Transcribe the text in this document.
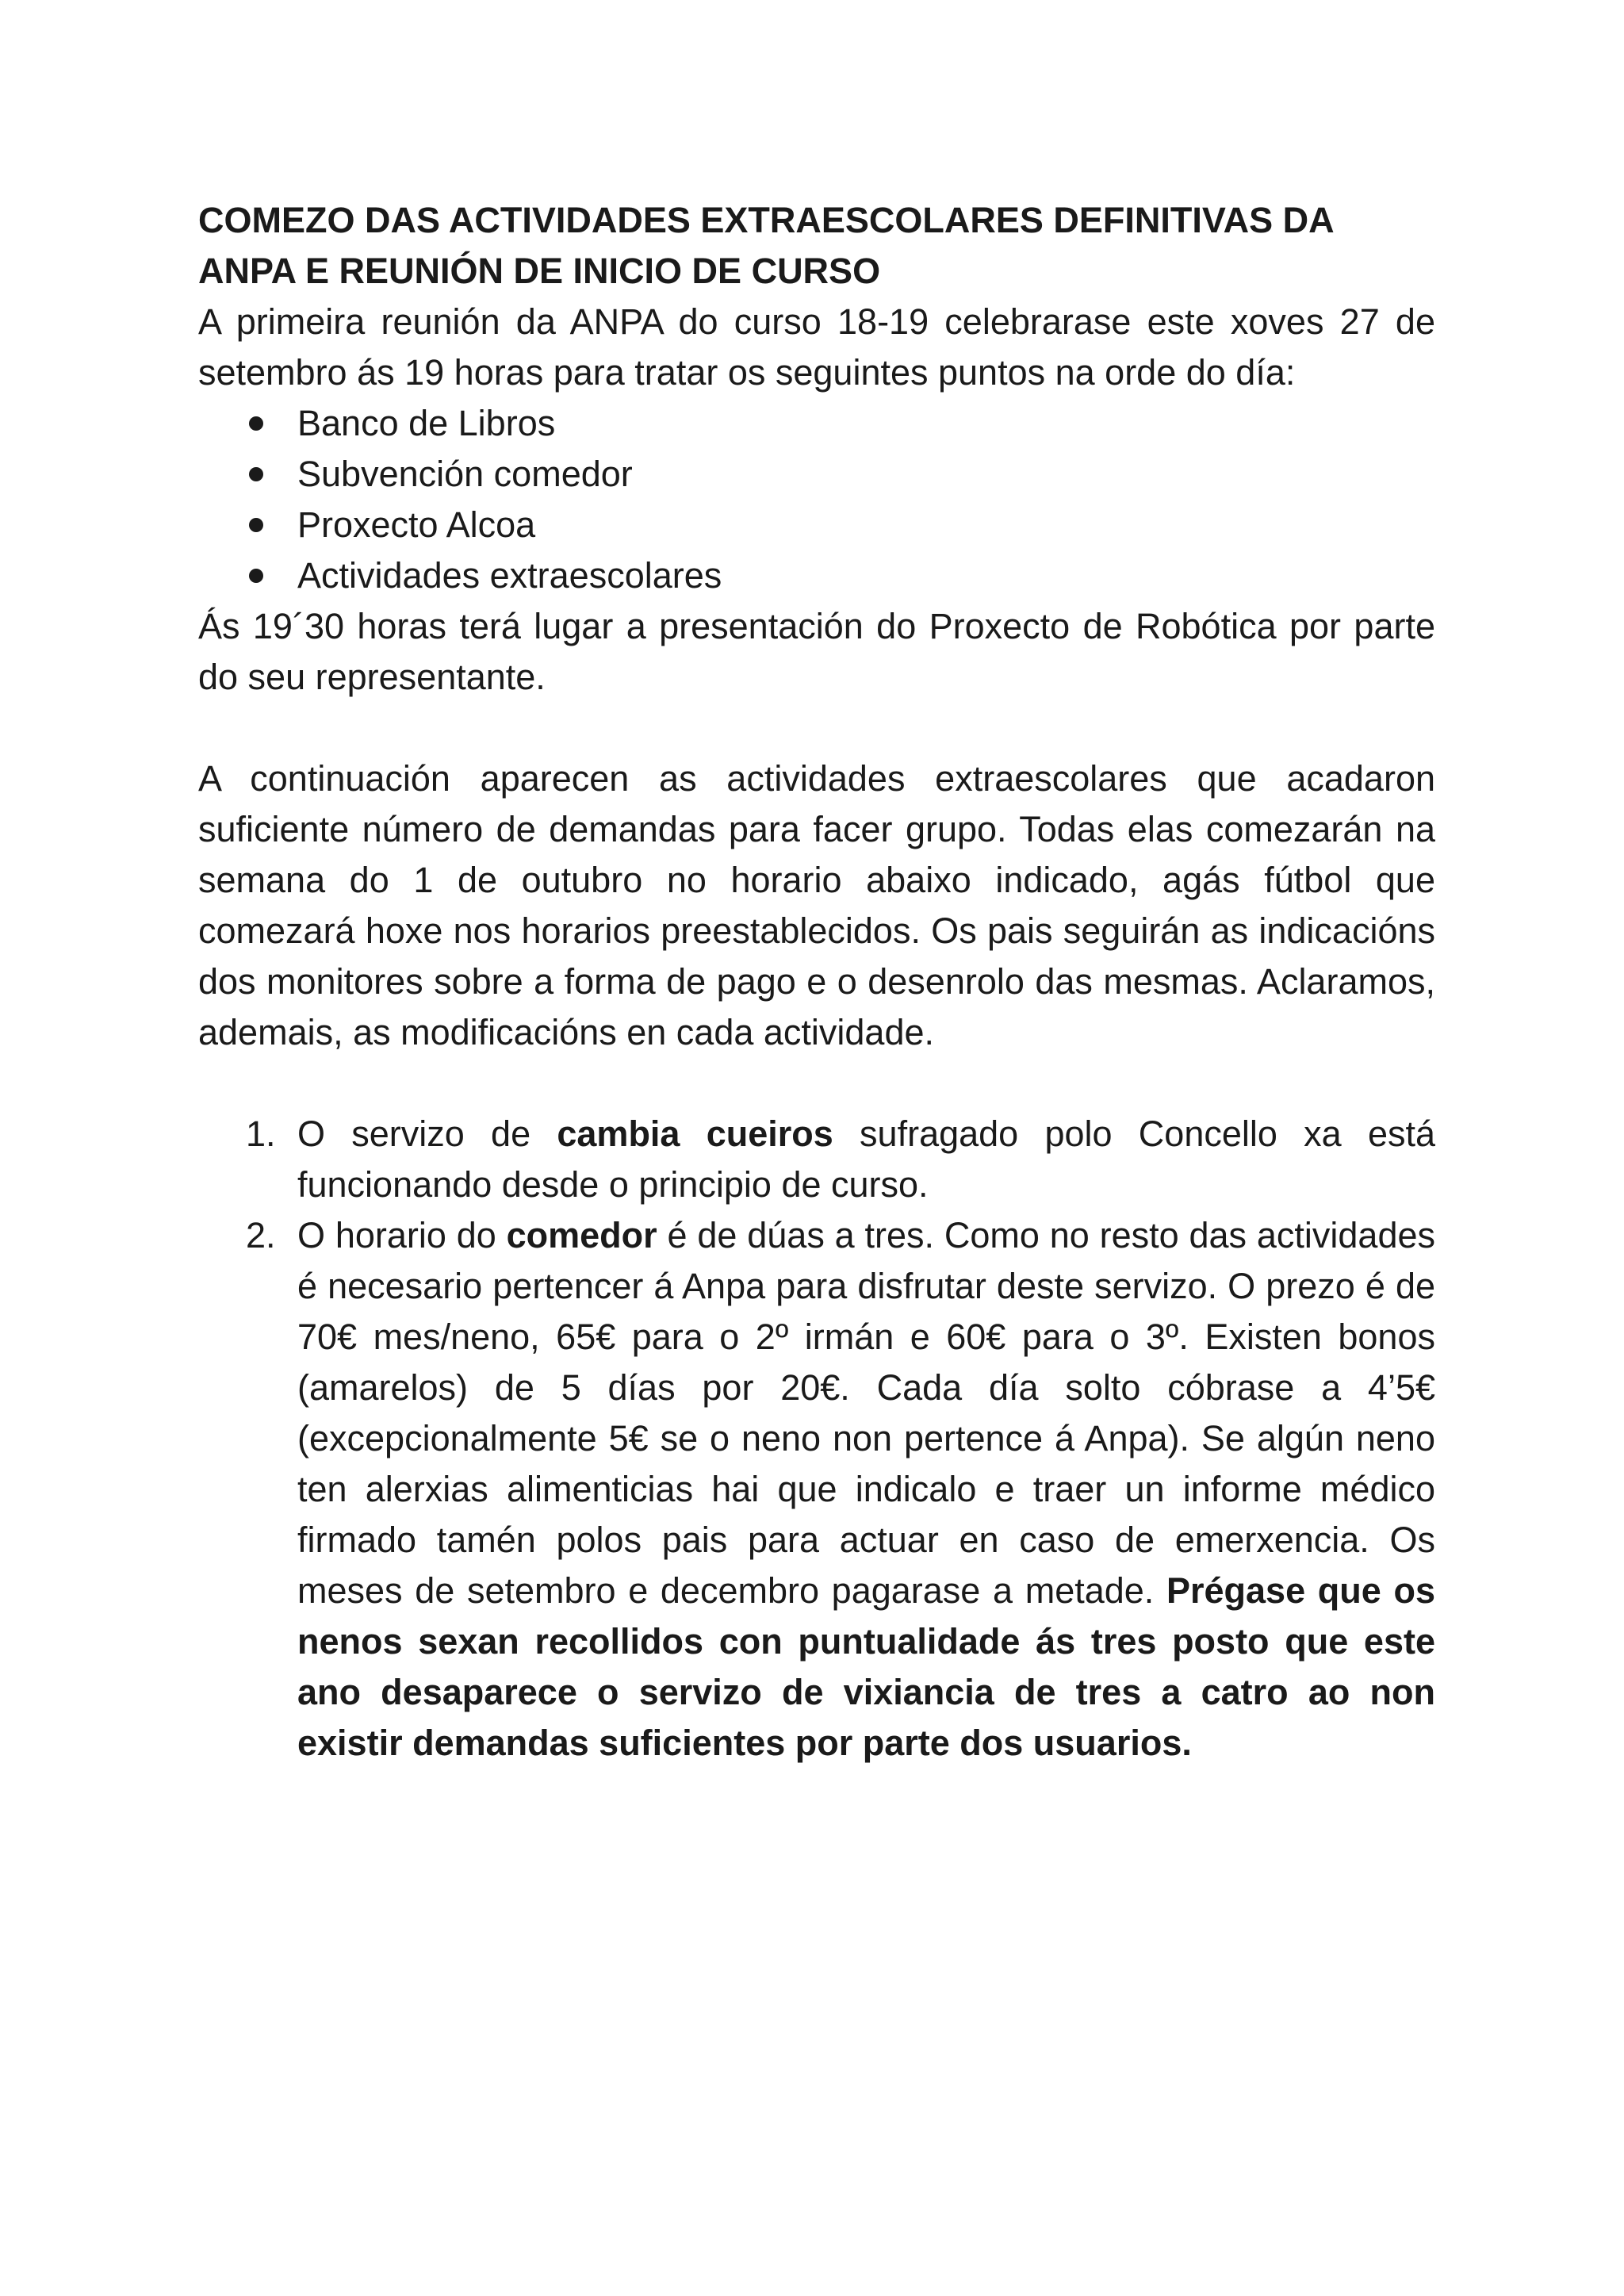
COMEZO DAS ACTIVIDADES EXTRAESCOLARES DEFINITIVAS DA ANPA E REUNIÓN DE INICIO DE CURSO

A primeira reunión da ANPA do curso 18-19 celebrarase este xoves 27 de setembro ás 19 horas para tratar os seguintes puntos na orde do día:

Banco de Libros
Subvención comedor
Proxecto Alcoa
Actividades extraescolares

Ás 19´30 horas terá lugar a presentación do Proxecto de Robótica por parte do seu representante.

A continuación aparecen as actividades extraescolares que acadaron suficiente número de demandas para facer grupo. Todas elas comezarán na semana do 1 de outubro no horario abaixo indicado, agás fútbol que comezará hoxe nos horarios preestablecidos. Os pais seguirán as indicacións dos monitores sobre a forma de pago e o desenrolo das mesmas. Aclaramos, ademais, as modificacións en cada actividade.

1. O servizo de cambia cueiros sufragado polo Concello xa está funcionando desde o principio de curso.
2. O horario do comedor é de dúas a tres. Como no resto das actividades é necesario pertencer á Anpa para disfrutar deste servizo. O prezo é de 70€ mes/neno, 65€ para o 2º irmán e 60€ para o 3º. Existen bonos (amarelos) de 5 días por 20€. Cada día solto cóbrase a 4’5€ (excepcionalmente 5€ se o neno non pertence á Anpa). Se algún neno ten alerxias alimenticias hai que indicalo e traer un informe médico firmado tamén polos pais para actuar en caso de emerxencia. Os meses de setembro e decembro pagarase a metade. Prégase que os nenos sexan recollidos con puntualidade ás tres posto que este ano desaparece o servizo de vixiancia de tres a catro ao non existir demandas suficientes por parte dos usuarios.
